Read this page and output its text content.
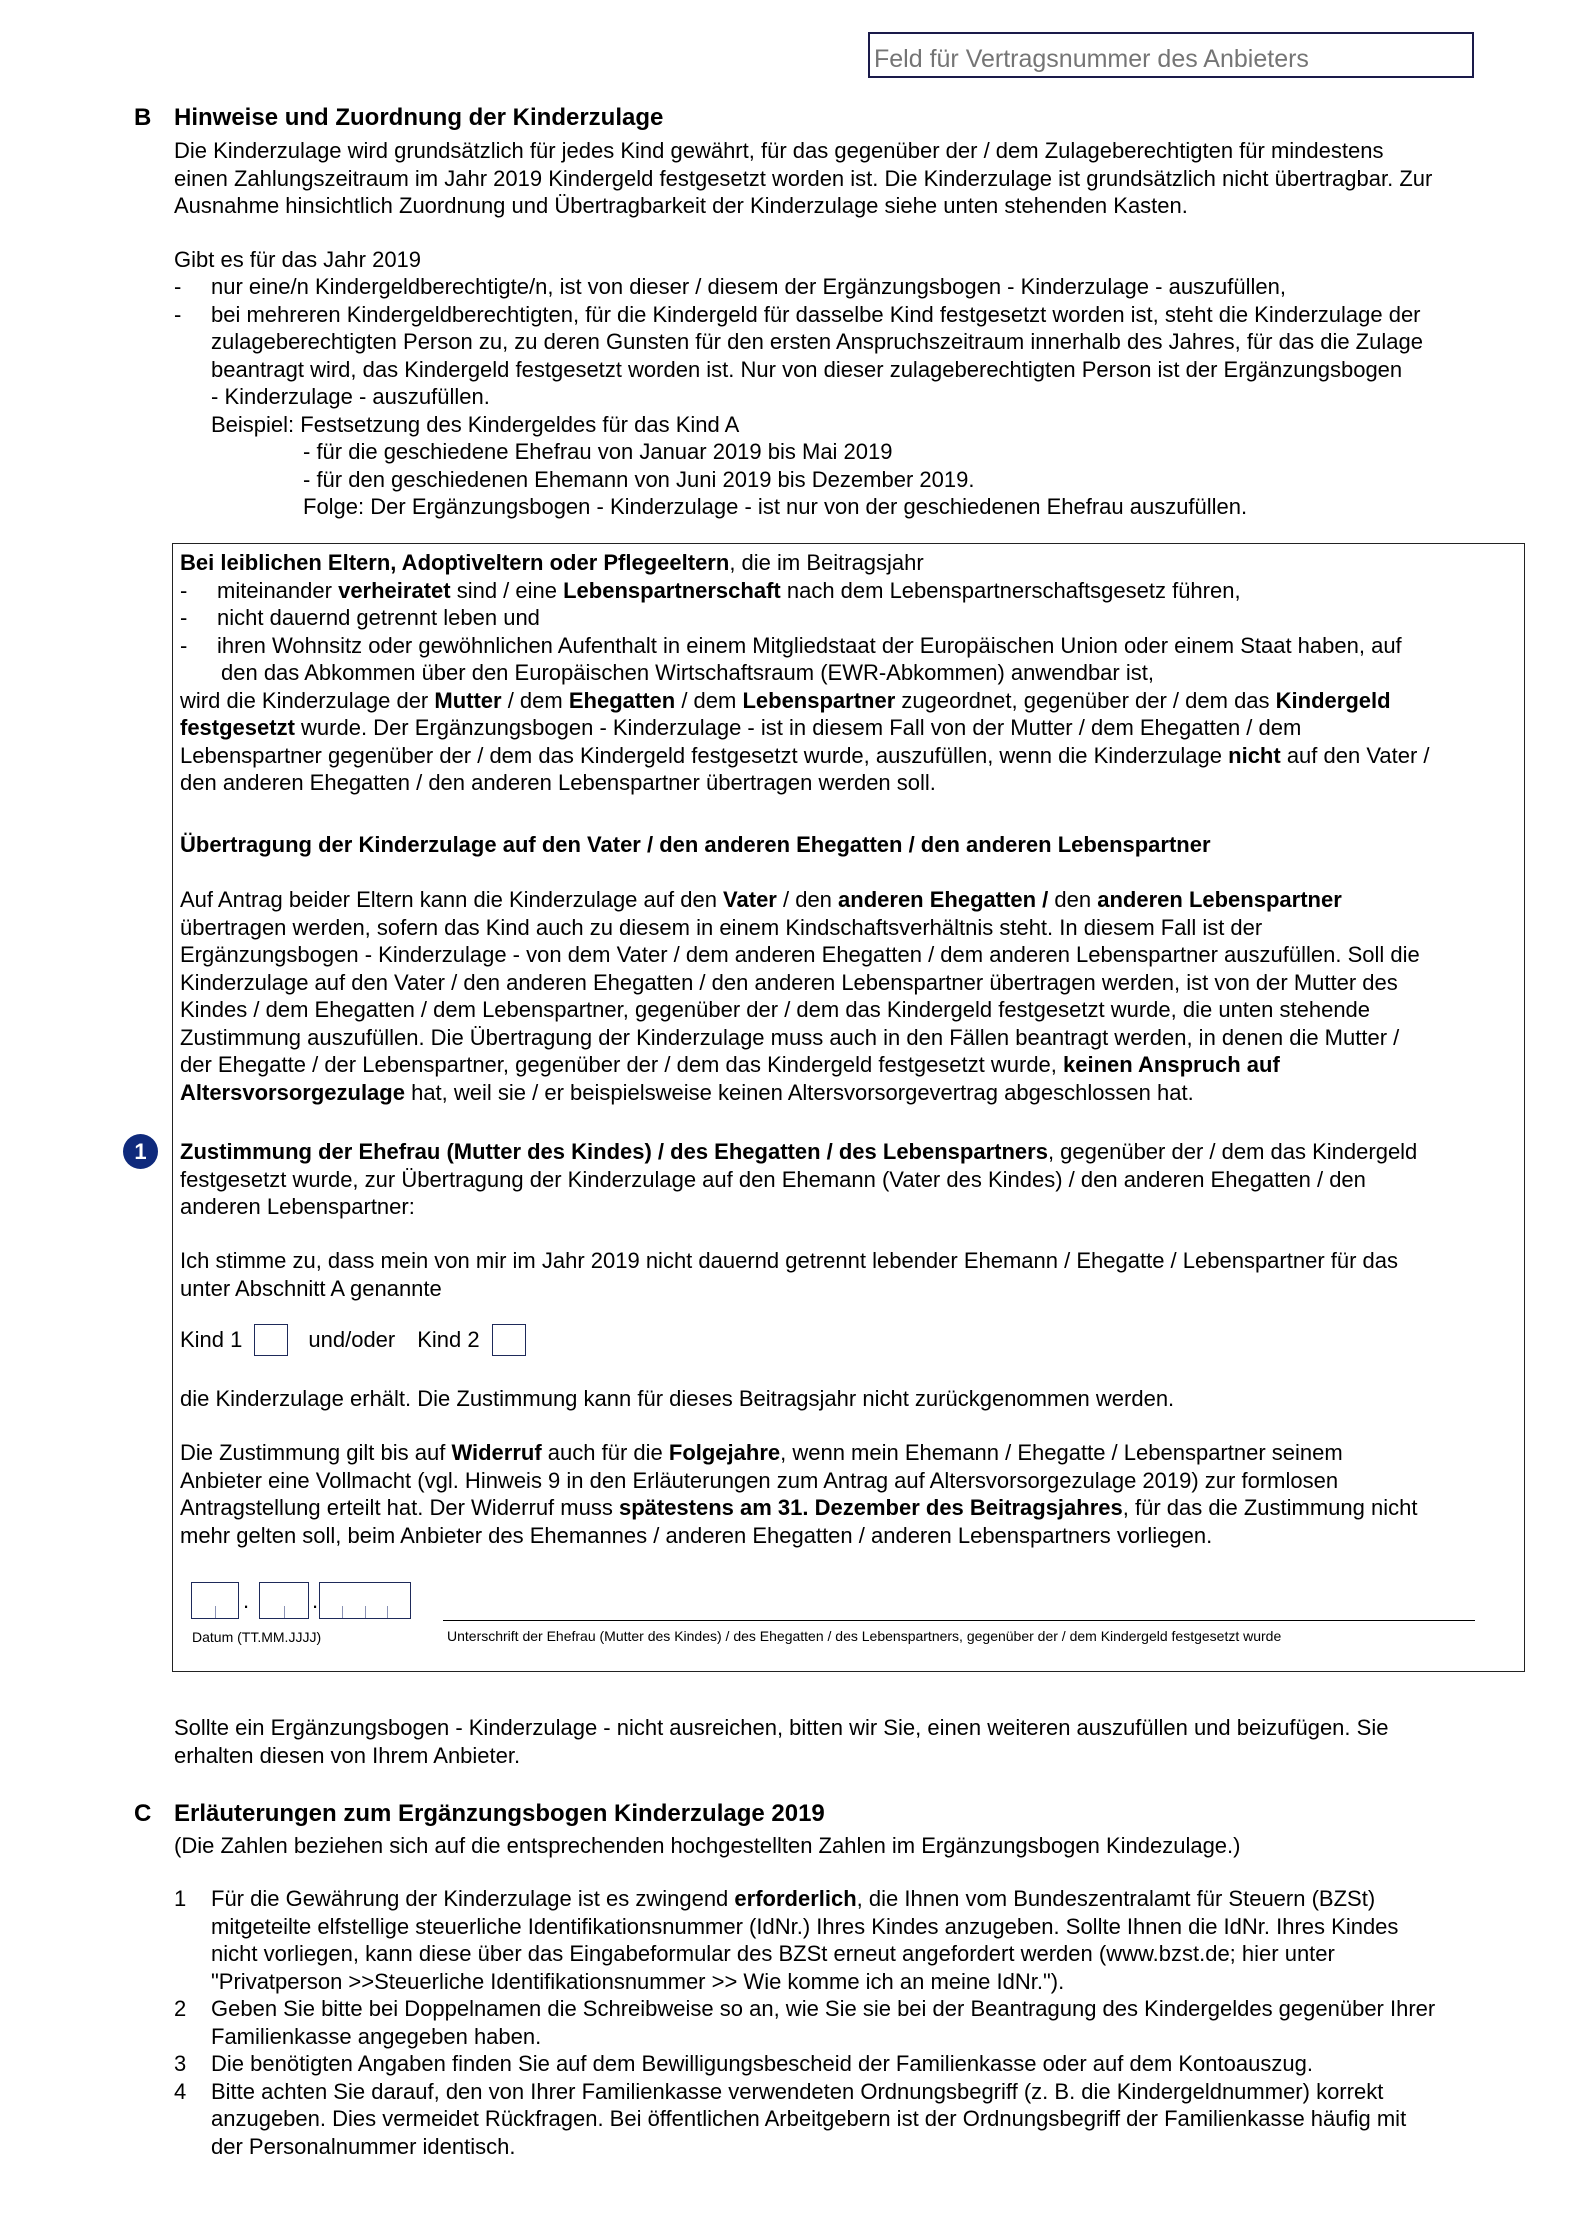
Feld für Vertragsnummer des Anbieters
B Hinweise und Zuordnung der Kinderzulage
Die Kinderzulage wird grundsätzlich für jedes Kind gewährt, für das gegenüber der / dem Zulageberechtigten für mindestens
einen Zahlungszeitraum im Jahr 2019 Kindergeld festgesetzt worden ist. Die Kinderzulage ist grundsätzlich nicht übertragbar. Zur
Ausnahme hinsichtlich Zuordnung und Übertragbarkeit der Kinderzulage siehe unten stehenden Kasten.
Gibt es für das Jahr 2019
- nur eine/n Kindergeldberechtigte/n, ist von dieser / diesem der Ergänzungsbogen - Kinderzulage - auszufüllen,
- bei mehreren Kindergeldberechtigten, für die Kindergeld für dasselbe Kind festgesetzt worden ist, steht die Kinderzulage der
zulageberechtigten Person zu, zu deren Gunsten für den ersten Anspruchszeitraum innerhalb des Jahres, für das die Zulage
beantragt wird, das Kindergeld festgesetzt worden ist. Nur von dieser zulageberechtigten Person ist der Ergänzungsbogen
- Kinderzulage - auszufüllen.
Beispiel: Festsetzung des Kindergeldes für das Kind A
- für die geschiedene Ehefrau von Januar 2019 bis Mai 2019
- für den geschiedenen Ehemann von Juni 2019 bis Dezember 2019.
Folge: Der Ergänzungsbogen - Kinderzulage - ist nur von der geschiedenen Ehefrau auszufüllen.
Bei leiblichen Eltern, Adoptiveltern oder Pflegeeltern, die im Beitragsjahr
- miteinander verheiratet sind / eine Lebenspartnerschaft nach dem Lebenspartnerschaftsgesetz führen,
- nicht dauernd getrennt leben und
- ihren Wohnsitz oder gewöhnlichen Aufenthalt in einem Mitgliedstaat der Europäischen Union oder einem Staat haben, auf
den das Abkommen über den Europäischen Wirtschaftsraum (EWR-Abkommen) anwendbar ist,
wird die Kinderzulage der Mutter / dem Ehegatten / dem Lebenspartner zugeordnet, gegenüber der / dem das Kindergeld
festgesetzt wurde. Der Ergänzungsbogen - Kinderzulage - ist in diesem Fall von der Mutter / dem Ehegatten / dem
Lebenspartner gegenüber der / dem das Kindergeld festgesetzt wurde, auszufüllen, wenn die Kinderzulage nicht auf den Vater /
den anderen Ehegatten / den anderen Lebenspartner übertragen werden soll.
Übertragung der Kinderzulage auf den Vater / den anderen Ehegatten / den anderen Lebenspartner
Auf Antrag beider Eltern kann die Kinderzulage auf den Vater / den anderen Ehegatten / den anderen Lebenspartner
übertragen werden, sofern das Kind auch zu diesem in einem Kindschaftsverhältnis steht. In diesem Fall ist der
Ergänzungsbogen - Kinderzulage - von dem Vater / dem anderen Ehegatten / dem anderen Lebenspartner auszufüllen. Soll die
Kinderzulage auf den Vater / den anderen Ehegatten / den anderen Lebenspartner übertragen werden, ist von der Mutter des
Kindes / dem Ehegatten / dem Lebenspartner, gegenüber der / dem das Kindergeld festgesetzt wurde, die unten stehende
Zustimmung auszufüllen. Die Übertragung der Kinderzulage muss auch in den Fällen beantragt werden, in denen die Mutter /
der Ehegatte / der Lebenspartner, gegenüber der / dem das Kindergeld festgesetzt wurde, keinen Anspruch auf
Altersvorsorgezulage hat, weil sie / er beispielsweise keinen Altersvorsorgevertrag abgeschlossen hat.
1	Zustimmung der Ehefrau (Mutter des Kindes) / des Ehegatten / des Lebenspartners, gegenüber der / dem das Kindergeld
festgesetzt wurde, zur Übertragung der Kinderzulage auf den Ehemann (Vater des Kindes) / den anderen Ehegatten / den
anderen Lebenspartner:
Ich stimme zu, dass mein von mir im Jahr 2019 nicht dauernd getrennt lebender Ehemann / Ehegatte / Lebenspartner für das
unter Abschnitt A genannte
Kind 1	und/oder Kind 2
die Kinderzulage erhält. Die Zustimmung kann für dieses Beitragsjahr nicht zurückgenommen werden.
Die Zustimmung gilt bis auf Widerruf auch für die Folgejahre, wenn mein Ehemann / Ehegatte / Lebenspartner seinem
Anbieter eine Vollmacht (vgl. Hinweis 9 in den Erläuterungen zum Antrag auf Altersvorsorgezulage 2019) zur formlosen
Antragstellung erteilt hat. Der Widerruf muss spätestens am 31. Dezember des Beitragsjahres, für das die Zustimmung nicht
mehr gelten soll, beim Anbieter des Ehemannes / anderen Ehegatten / anderen Lebenspartners vorliegen.
.	.
Datum (TT.MM.JJJJ)	Unterschrift der Ehefrau (Mutter des Kindes) / des Ehegatten / des Lebenspartners, gegenüber der / dem Kindergeld festgesetzt wurde
Sollte ein Ergänzungsbogen - Kinderzulage - nicht ausreichen, bitten wir Sie, einen weiteren auszufüllen und beizufügen. Sie
erhalten diesen von Ihrem Anbieter.
C Erläuterungen zum Ergänzungsbogen Kinderzulage 2019
(Die Zahlen beziehen sich auf die entsprechenden hochgestellten Zahlen im Ergänzungsbogen Kindezulage.)
1 Für die Gewährung der Kinderzulage ist es zwingend erforderlich, die Ihnen vom Bundeszentralamt für Steuern (BZSt)
mitgeteilte elfstellige steuerliche Identifikationsnummer (IdNr.) Ihres Kindes anzugeben. Sollte Ihnen die IdNr. Ihres Kindes
nicht vorliegen, kann diese über das Eingabeformular des BZSt erneut angefordert werden (www.bzst.de; hier unter
"Privatperson >>Steuerliche Identifikationsnummer >> Wie komme ich an meine IdNr.").
2 Geben Sie bitte bei Doppelnamen die Schreibweise so an, wie Sie sie bei der Beantragung des Kindergeldes gegenüber Ihrer
Familienkasse angegeben haben.
3 Die benötigten Angaben finden Sie auf dem Bewilligungsbescheid der Familienkasse oder auf dem Kontoauszug.
4 Bitte achten Sie darauf, den von Ihrer Familienkasse verwendeten Ordnungsbegriff (z. B. die Kindergeldnummer) korrekt
anzugeben. Dies vermeidet Rückfragen. Bei öffentlichen Arbeitgebern ist der Ordnungsbegriff der Familienkasse häufig mit
der Personalnummer identisch.
